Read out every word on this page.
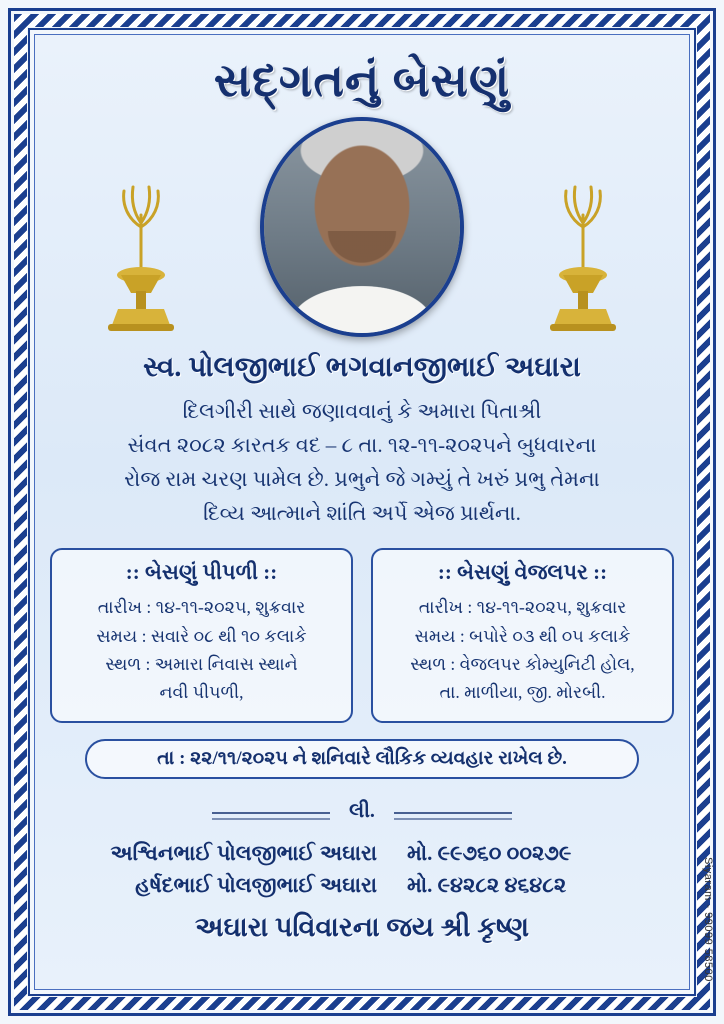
સદ્ગતનું બેસણું
સ્વ. પોલજીભાઈ ભગવાનજીભાઈ અઘારા
દિલગીરી સાથે જણાવવાનું કે અમારા પિતાશ્રી
સંવત ૨૦૮૨ કારતક વદ – ૮ તા. ૧૨-૧૧-૨૦૨૫ને બુધવારના
રોજ રામ ચરણ પામેલ છે. પ્રભુને જે ગમ્યું તે ખરું પ્રભુ તેમના
દિવ્ય આત્માને શાંતિ અર્પે એજ પ્રાર્થના.
:: બેસણું પીપળી ::
તારીખ : ૧૪-૧૧-૨૦૨૫, શુક્રવાર
સમય : સવારે ૦૮ થી ૧૦ કલાકે
સ્થળ : અમારા નિવાસ સ્થાને
નવી પીપળી,
:: બેસણું વેજલપર ::
તારીખ : ૧૪-૧૧-૨૦૨૫, શુક્રવાર
સમય : બપોરે ૦૩ થી ૦૫ કલાકે
સ્થળ : વેજલપર કોમ્યુનિટી હોલ,
તા. માળીયા, જી. મોરબી.
તા : ૨૨/૧૧/૨૦૨૫ ને શનિવારે લૌકિક વ્યવહાર રાખેલ છે.
લી.
અશ્વિનભાઈ પોલજીભાઈ અઘારા મો. ૯૯૭૬૦ ૦૦૨૭૯
હર્ષદભાઈ પોલજીભાઈ અઘારા મો. ૯૪૨૮૨ ૪૬૪૮૨
અઘારા પવિવારના જય શ્રી કૃષ્ણ	Siyaram - 99099 58500
